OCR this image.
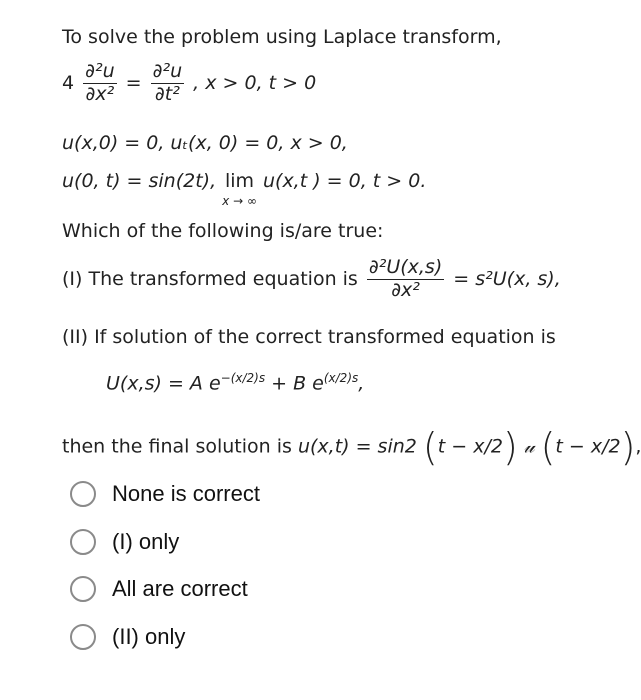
To solve the problem using Laplace transform,
$4 \frac{\text{∂²u}}{\text{∂x²}} = \frac{\text{∂²u}}{\text{∂t²}}$ , x > 0, t > 0
u(x,0) = 0, uₜ(x, 0) = 0, x > 0,
u(0, t) = sin(2t), lim
x → ∞
u(x,t ) = 0, t > 0.
Which of the following is/are true:
(I) The transformed equation is $\frac{\text{∂²U(x,s)}}{\text{∂x²}} = s^2U(x$, s),
(II) If solution of the correct transformed equation is
U(x,s) = A e−(x/2)s + B e(x/2)s,
then the final solution is u(x,t) = sin2 (t − x/2) 𝓊 (t − x/2),
None is correct
(I) only
All are correct
(II) only
